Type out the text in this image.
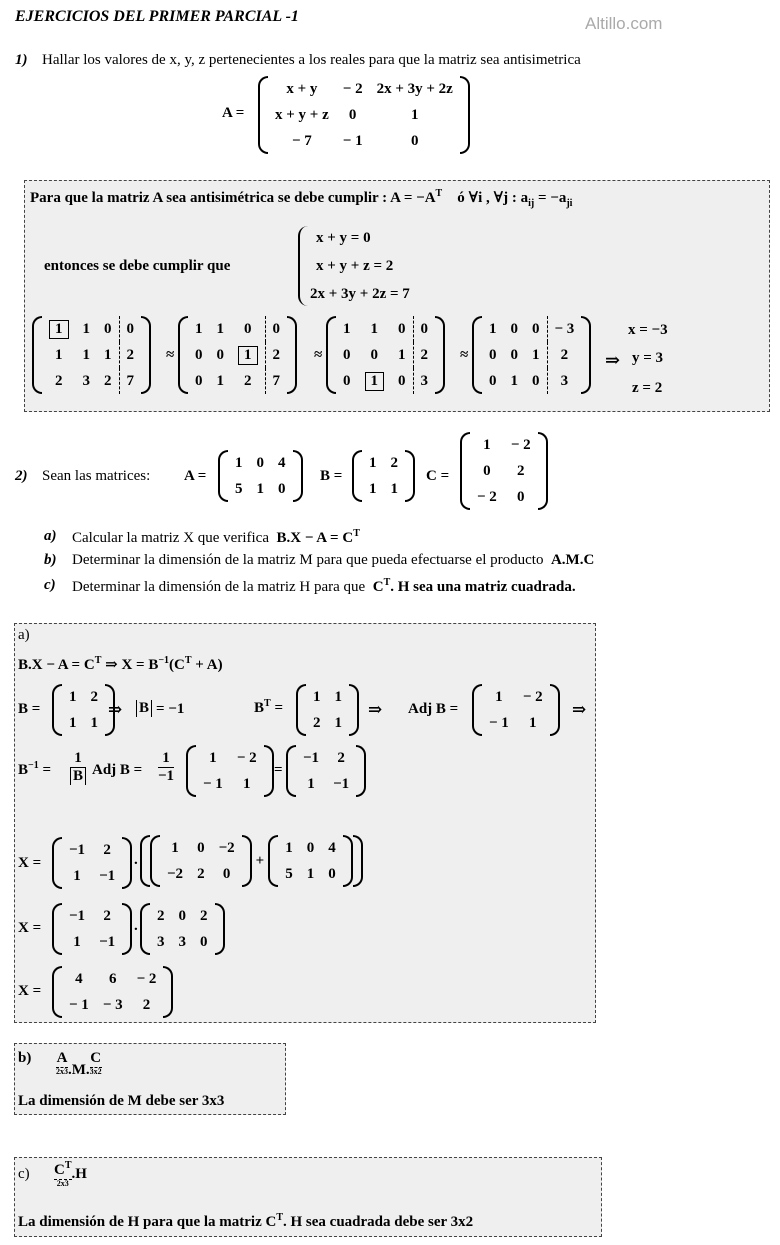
EJERCICIOS DEL PRIMER PARCIAL -1	Altillo.com
1) Hallar los valores de x, y, z pertenecientes a los reales para que la matriz sea antisimetrica
A =
x + y	− 2	2x + 3y + 2z
x + y + z	0	1
− 7	− 1	0
Para que la matriz A sea antisimétrica se debe cumplir : $A = -A^T$ ó ∀i , ∀j : $a_{ij} = -a_{ji}$
entonces se debe cumplir que
x + y = 0
x + y + z = 2
2x + 3y + 2z = 7
1	1	0	0
1	1	1	2
2	3	2	7
≈
1	1	0	0
0	0	1	2
0	1	2	7
≈
1	1	0	0
0	0	1	2
0	1	0	3
≈
1	0	0	− 3
0	0	1	2
0	1	0	3
⇒
x = −3
y = 3
z = 2
2) Sean las matrices: A =
1	0	4
5	1	0
B =
1	2
1	1
C =
1	− 2
0	2
− 2	0
a) Calcular la matriz X que verifica $B.X - A = C^T$
b) Determinar la dimensión de la matriz M para que pueda efectuarse el producto A.M.C
c) Determinar la dimensión de la matriz H para que $C^T$. H sea una matriz cuadrada.
a)
$B.X - A = C^T$ ⇒ $X = B^{-1}(C^T + A)$
B =
1	2
1	1
⇒ B = −1	$B^T$ =
1	1
2	1
⇒ Adj B =
1	− 2
− 1	1
⇒
$B^{-1}$ =
1
B Adj B =
1
−1
1	− 2
− 1	1
=
−1	2
1	−1
X =
−1	2
1	−1
.
1	0	−2
−2	2	0
+
1	0	4
5	1	0
X =
−1	2
1	−1
.
2	0	2
3	3	0
X =
4	6	− 2
− 1	− 3	2
b) A

2x3 .M.C

3x2
La dimensión de M debe ser 3x3
c) $C^T$

2x3
.H
La dimensión de H para que la matriz $C^T$. H sea cuadrada debe ser 3x2
